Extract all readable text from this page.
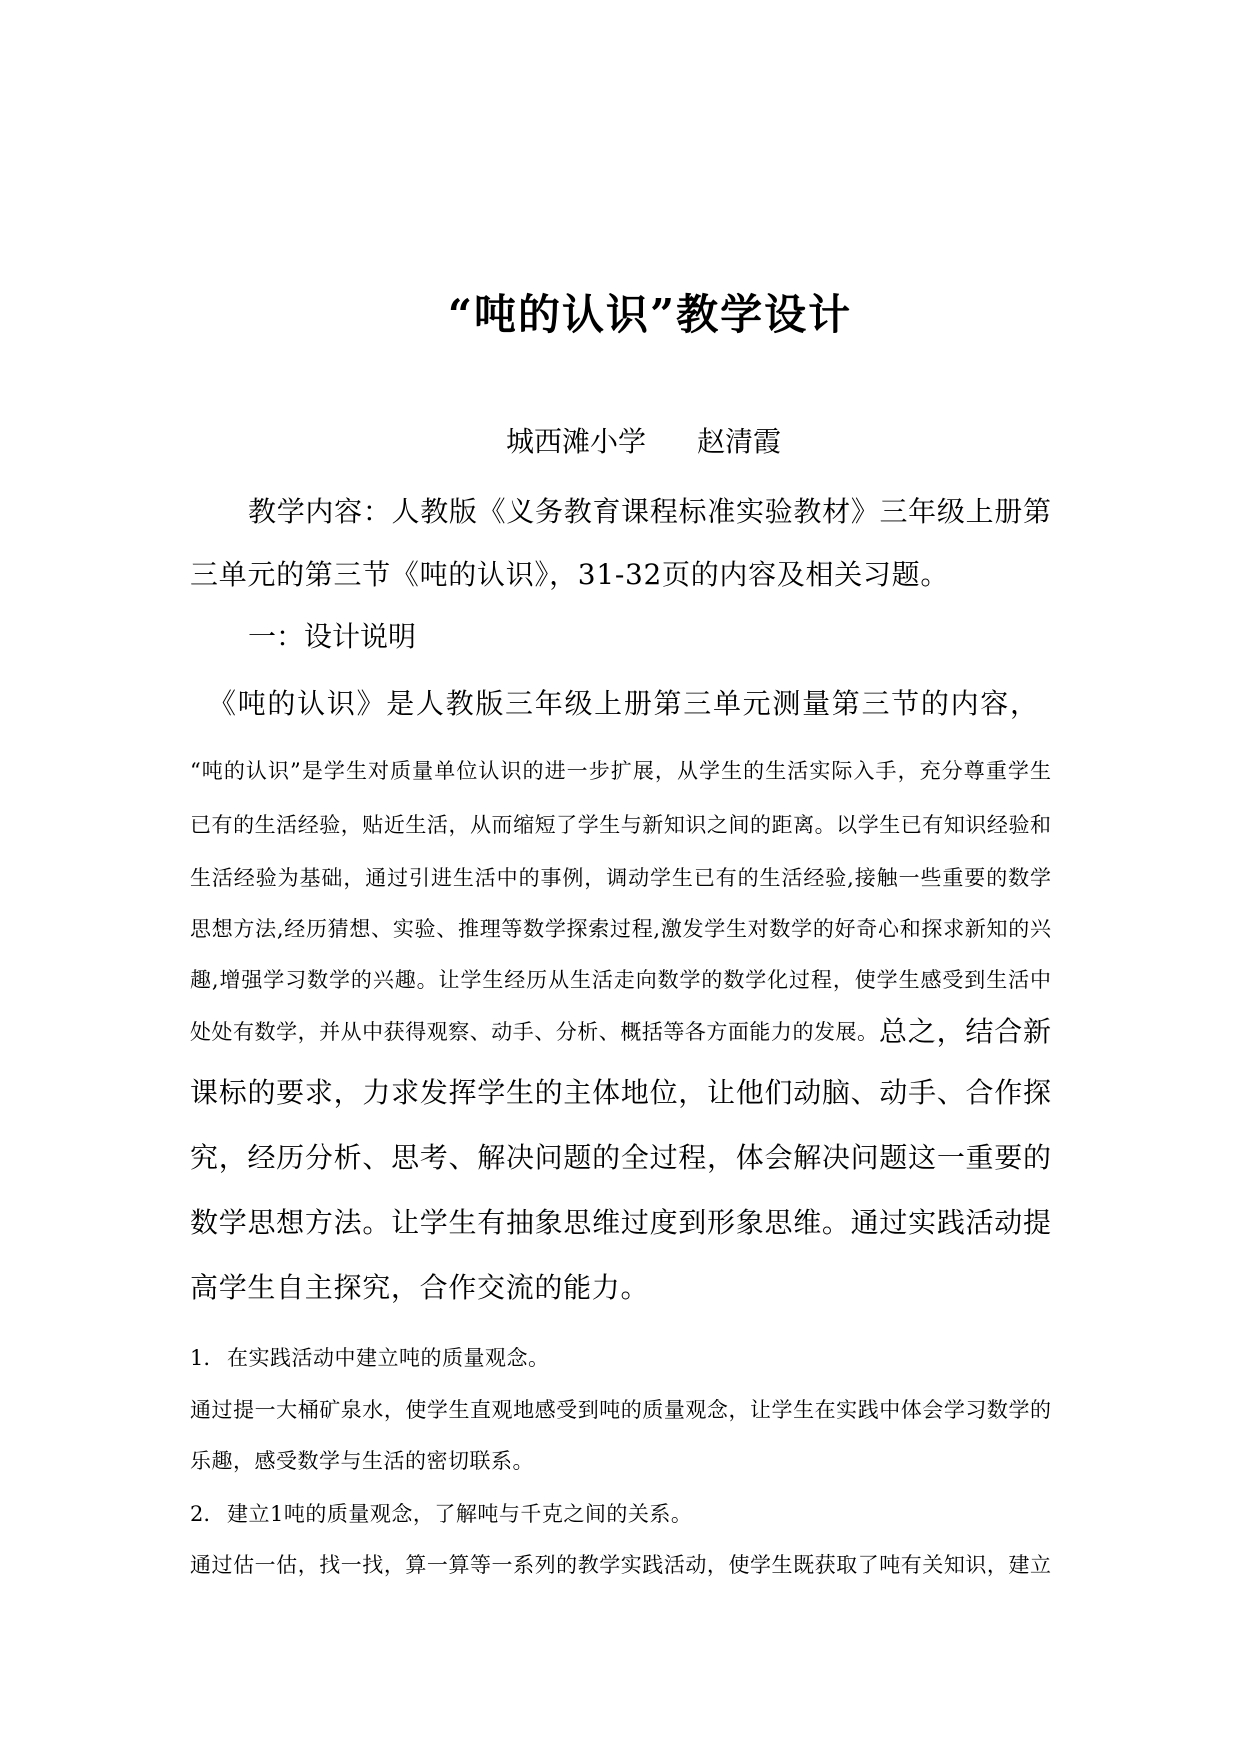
“吨的认识”教学设计
城西滩小学	赵清霞
教学内容：人教版《义务教育课程标准实验教材》三年级上册第
三单元的第三节《吨的认识》，31-32页的内容及相关习题。
一：设计说明
《吨的认识》是人教版三年级上册第三单元测量第三节的内容，
“吨的认识”是学生对质量单位认识的进一步扩展，从学生的生活实际入手，充分尊重学生
已有的生活经验，贴近生活，从而缩短了学生与新知识之间的距离。以学生已有知识经验和
生活经验为基础，通过引进生活中的事例，调动学生已有的生活经验,接触一些重要的数学
思想方法,经历猜想、实验、推理等数学探索过程,激发学生对数学的好奇心和探求新知的兴
趣,增强学习数学的兴趣。让学生经历从生活走向数学的数学化过程，使学生感受到生活中
处处有数学，并从中获得观察、动手、分析、概括等各方面能力的发展。 总之，结合新
课标的要求，力求发挥学生的主体地位，让他们动脑、动手、合作探
究，经历分析、思考、解决问题的全过程，体会解决问题这一重要的
数学思想方法。让学生有抽象思维过度到形象思维。通过实践活动提
高学生自主探究，合作交流的能力。
1. 在实践活动中建立吨的质量观念。
通过提一大桶矿泉水，使学生直观地感受到吨的质量观念，让学生在实践中体会学习数学的
乐趣，感受数学与生活的密切联系。
2. 建立1吨的质量观念，了解吨与千克之间的关系。
通过估一估，找一找，算一算等一系列的教学实践活动，使学生既获取了吨有关知识，建立
